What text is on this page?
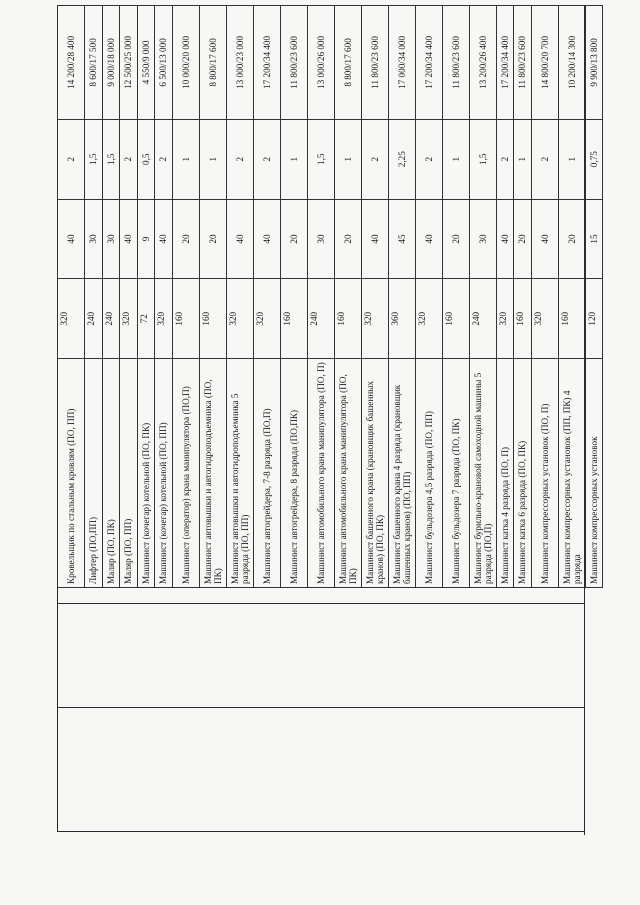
Кровельщик по стальным кровлям (ПО, ПП)	320	40	2	14 200/28 400
Лифтер (ПО,ПП)	240	30	1,5	8 600/17 500
Маляр (ПО, ПК)	240	30	1,5	9 000/18 000
Маляр (ПО, ПП)	320	40	2	12 500/25 000
Машинист (кочегар) котельной (ПО, ПК)	72	9	0,5	4 550/9 000
Машинист (кочегар) котельной (ПО, ПП)	320	40	2	6 500/13 000
Машинист (оператор) крана манипулятора (ПО,П)	160	20	1	10 000/20 000
Машинист автовышки и автогидроподъемника (ПО, ПК)	160	20	1	8 800/17 600
Машинист автовышки и автогидроподъемника 5 разряда (ПО, ПП)	320	40	2	13 000/23 000
Машинист автогрейдера, 7-8 разряда (ПО,П)	320	40	2	17 200/34 400
Машинист автогрейдера, 8 разряда (ПО,ПК)	160	20	1	11 800/23 600
Машинист автомобильного крана манипулятора (ПО, П)	240	30	1,5	13 000/26 000
Машинист автомобильного крана манипулятора (ПО, ПК)	160	20	1	8 800/17 600
Машинист башенного крана (крановщик башенных кранов) (ПО, ПК)	320	40	2	11 800/23 600
Машинист башенного крана 4 разряда (крановщик башенных кранов) (ПО, ПП)	360	45	2,25	17 000/34 000
Машинист бульдозера 4,5 разряда (ПО, ПП)	320	40	2	17 200/34 400
Машинист бульдозера 7 разряда (ПО, ПК)	160	20	1	11 800/23 600
Машинист бурильно-крановой самоходной машины 5 разряда (ПО,П)	240	30	1,5	13 200/26 400
Машинист катка 4 разряда (ПО, П)	320	40	2	17 200/34 400
Машинист катка 6 разряда (ПО, ПК)	160	20	1	11 800/23 600
Машинист компрессорных установок (ПО, П)	320	40	2	14 800/20 700
Машинист компрессорных установок (ПП, ПК) 4 разряда	160	20	1	10 200/14 300
Машинист компрессорных установок	120	15	0,75	9 900/13 800
